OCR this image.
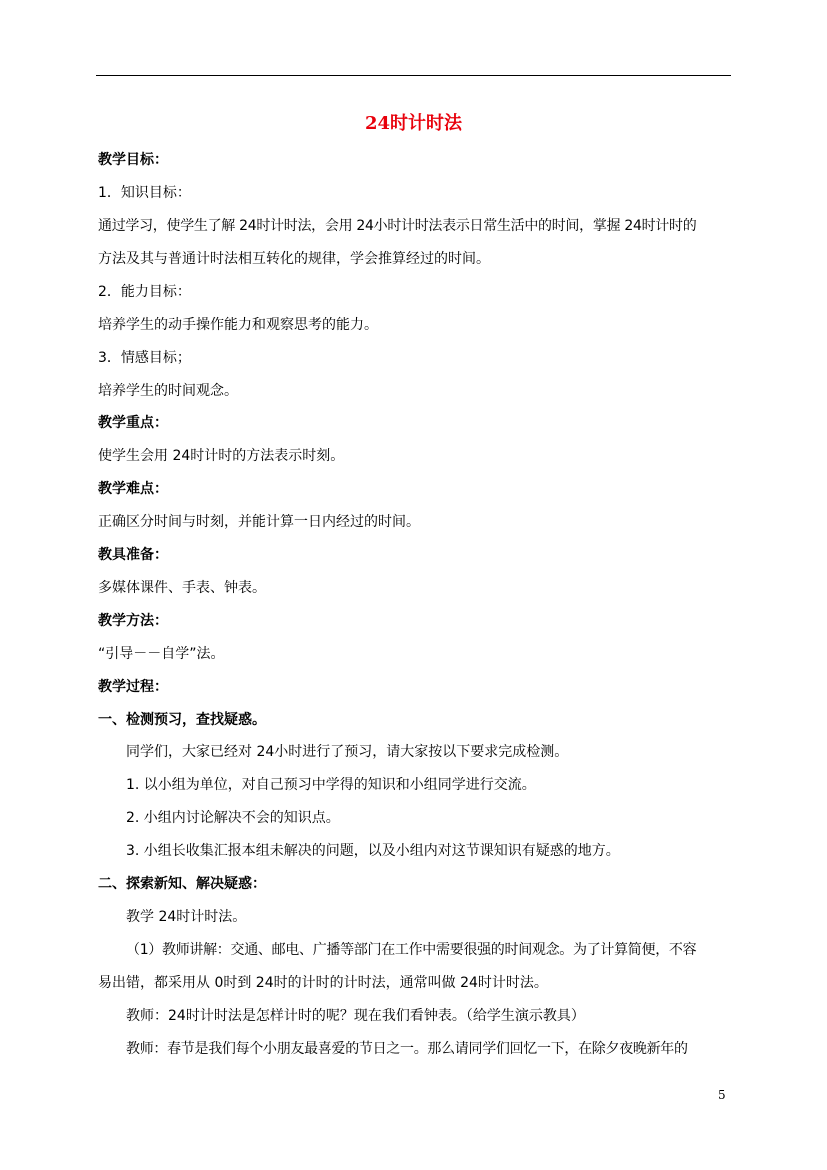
24时计时法
教学目标：
1．知识目标：
通过学习，使学生了解 24时计时法，会用 24小时计时法表示日常生活中的时间，掌握 24时计时的
方法及其与普通计时法相互转化的规律，学会推算经过的时间。
2．能力目标：
培养学生的动手操作能力和观察思考的能力。
3．情感目标；
培养学生的时间观念。
教学重点：
使学生会用 24时计时的方法表示时刻。
教学难点：
正确区分时间与时刻，并能计算一日内经过的时间。
教具准备：
多媒体课件、手表、钟表。
教学方法：
“引导－－自学”法。
教学过程：
一、检测预习，查找疑惑。
同学们，大家已经对 24小时进行了预习，请大家按以下要求完成检测。
1. 以小组为单位，对自己预习中学得的知识和小组同学进行交流。
2. 小组内讨论解决不会的知识点。
3. 小组长收集汇报本组未解决的问题，以及小组内对这节课知识有疑惑的地方。
二、探索新知、解决疑惑：
教学 24时计时法。
（1）教师讲解：交通、邮电、广播等部门在工作中需要很强的时间观念。为了计算简便，不容
易出错，都采用从 0时到 24时的计时的计时法，通常叫做 24时计时法。
教师：24时计时法是怎样计时的呢？现在我们看钟表。（给学生演示教具）
教师：春节是我们每个小朋友最喜爱的节日之一。那么请同学们回忆一下，在除夕夜晚新年的
5
